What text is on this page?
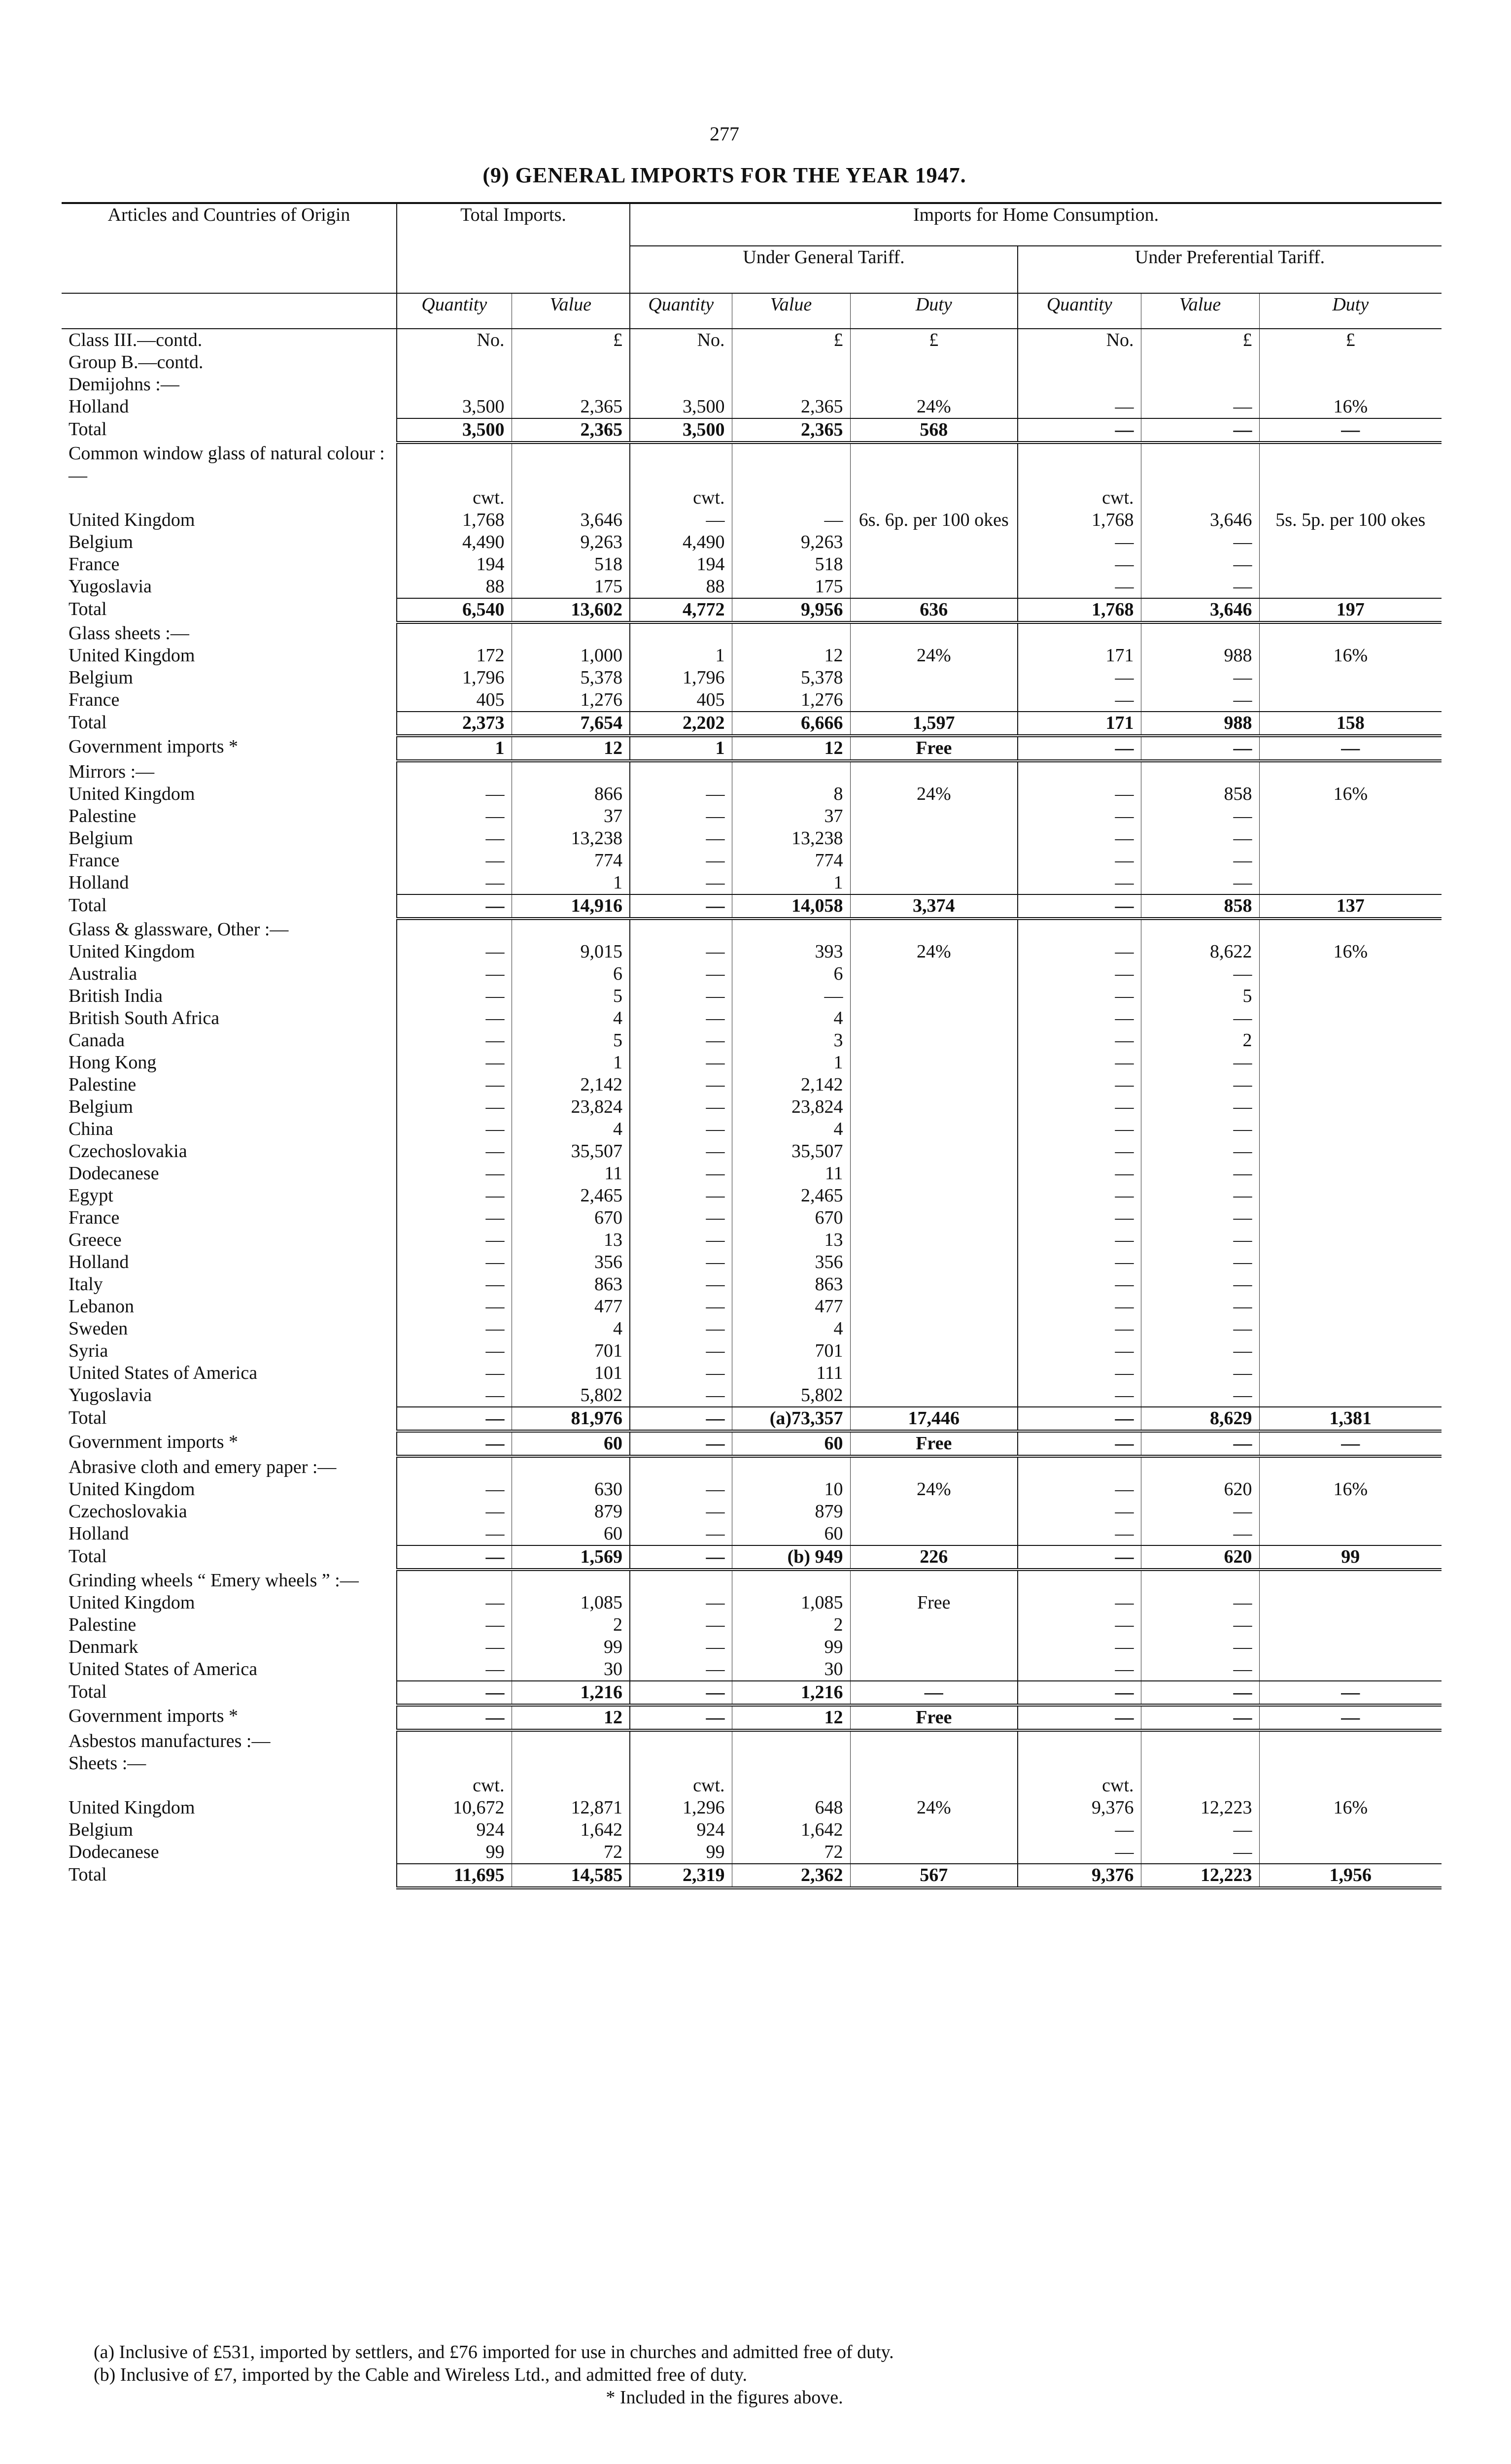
277
(9) GENERAL IMPORTS FOR THE YEAR 1947.
Articles and Countries of Origin	Total Imports.		Imports for Home Consumption.					
			Under General Tariff.			Under Preferential Tariff.		
	Quantity	Value	Quantity	Value	Duty	Quantity	Value	Duty
Class III.—contd.	No.	£	No.	£	£	No.	£	£
Group B.—contd.								
Demijohns :—								
Holland	3,500	2,365	3,500	2,365	24%	—	—	16%
Total	3,500	2,365	3,500	2,365	568	—	—	—
Common window glass of natural colour :—								
	cwt.		cwt.			cwt.		
United Kingdom	1,768	3,646	—	—	6s. 6p. per 100 okes	1,768	3,646	5s. 5p. per 100 okes
Belgium	4,490	9,263	4,490	9,263		—	—	
France	194	518	194	518		—	—	
Yugoslavia	88	175	88	175		—	—	
Total	6,540	13,602	4,772	9,956	636	1,768	3,646	197
Glass sheets :—								
United Kingdom	172	1,000	1	12	24%	171	988	16%
Belgium	1,796	5,378	1,796	5,378		—	—	
France	405	1,276	405	1,276		—	—	
Total	2,373	7,654	2,202	6,666	1,597	171	988	158
Government imports *	1	12	1	12	Free	—	—	—
Mirrors :—								
United Kingdom	—	866	—	8	24%	—	858	16%
Palestine	—	37	—	37		—	—	
Belgium	—	13,238	—	13,238		—	—	
France	—	774	—	774		—	—	
Holland	—	1	—	1		—	—	
Total	—	14,916	—	14,058	3,374	—	858	137
Glass & glassware, Other :—								
United Kingdom	—	9,015	—	393	24%	—	8,622	16%
Australia	—	6	—	6		—	—	
British India	—	5	—	—		—	5	
British South Africa	—	4	—	4		—	—	
Canada	—	5	—	3		—	2	
Hong Kong	—	1	—	1		—	—	
Palestine	—	2,142	—	2,142		—	—	
Belgium	—	23,824	—	23,824		—	—	
China	—	4	—	4		—	—	
Czechoslovakia	—	35,507	—	35,507		—	—	
Dodecanese	—	11	—	11		—	—	
Egypt	—	2,465	—	2,465		—	—	
France	—	670	—	670		—	—	
Greece	—	13	—	13		—	—	
Holland	—	356	—	356		—	—	
Italy	—	863	—	863		—	—	
Lebanon	—	477	—	477		—	—	
Sweden	—	4	—	4		—	—	
Syria	—	701	—	701		—	—	
United States of America	—	101	—	111		—	—	
Yugoslavia	—	5,802	—	5,802		—	—	
Total	—	81,976	—	(a)73,357	17,446	—	8,629	1,381
Government imports *	—	60	—	60	Free	—	—	—
Abrasive cloth and emery paper :—								
United Kingdom	—	630	—	10	24%	—	620	16%
Czechoslovakia	—	879	—	879		—	—	
Holland	—	60	—	60		—	—	
Total	—	1,569	—	(b) 949	226	—	620	99
Grinding wheels “ Emery wheels ” :—								
United Kingdom	—	1,085	—	1,085	Free	—	—	
Palestine	—	2	—	2		—	—	
Denmark	—	99	—	99		—	—	
United States of America	—	30	—	30		—	—	
Total	—	1,216	—	1,216	—	—	—	—
Government imports *	—	12	—	12	Free	—	—	—
Asbestos manufactures :—								
Sheets :—								
	cwt.		cwt.			cwt.		
United Kingdom	10,672	12,871	1,296	648	24%	9,376	12,223	16%
Belgium	924	1,642	924	1,642		—	—	
Dodecanese	99	72	99	72		—	—	
Total	11,695	14,585	2,319	2,362	567	9,376	12,223	1,956
(a) Inclusive of £531, imported by settlers, and £76 imported for use in churches and admitted free of duty.
(b) Inclusive of £7, imported by the Cable and Wireless Ltd., and admitted free of duty.
* Included in the figures above.
